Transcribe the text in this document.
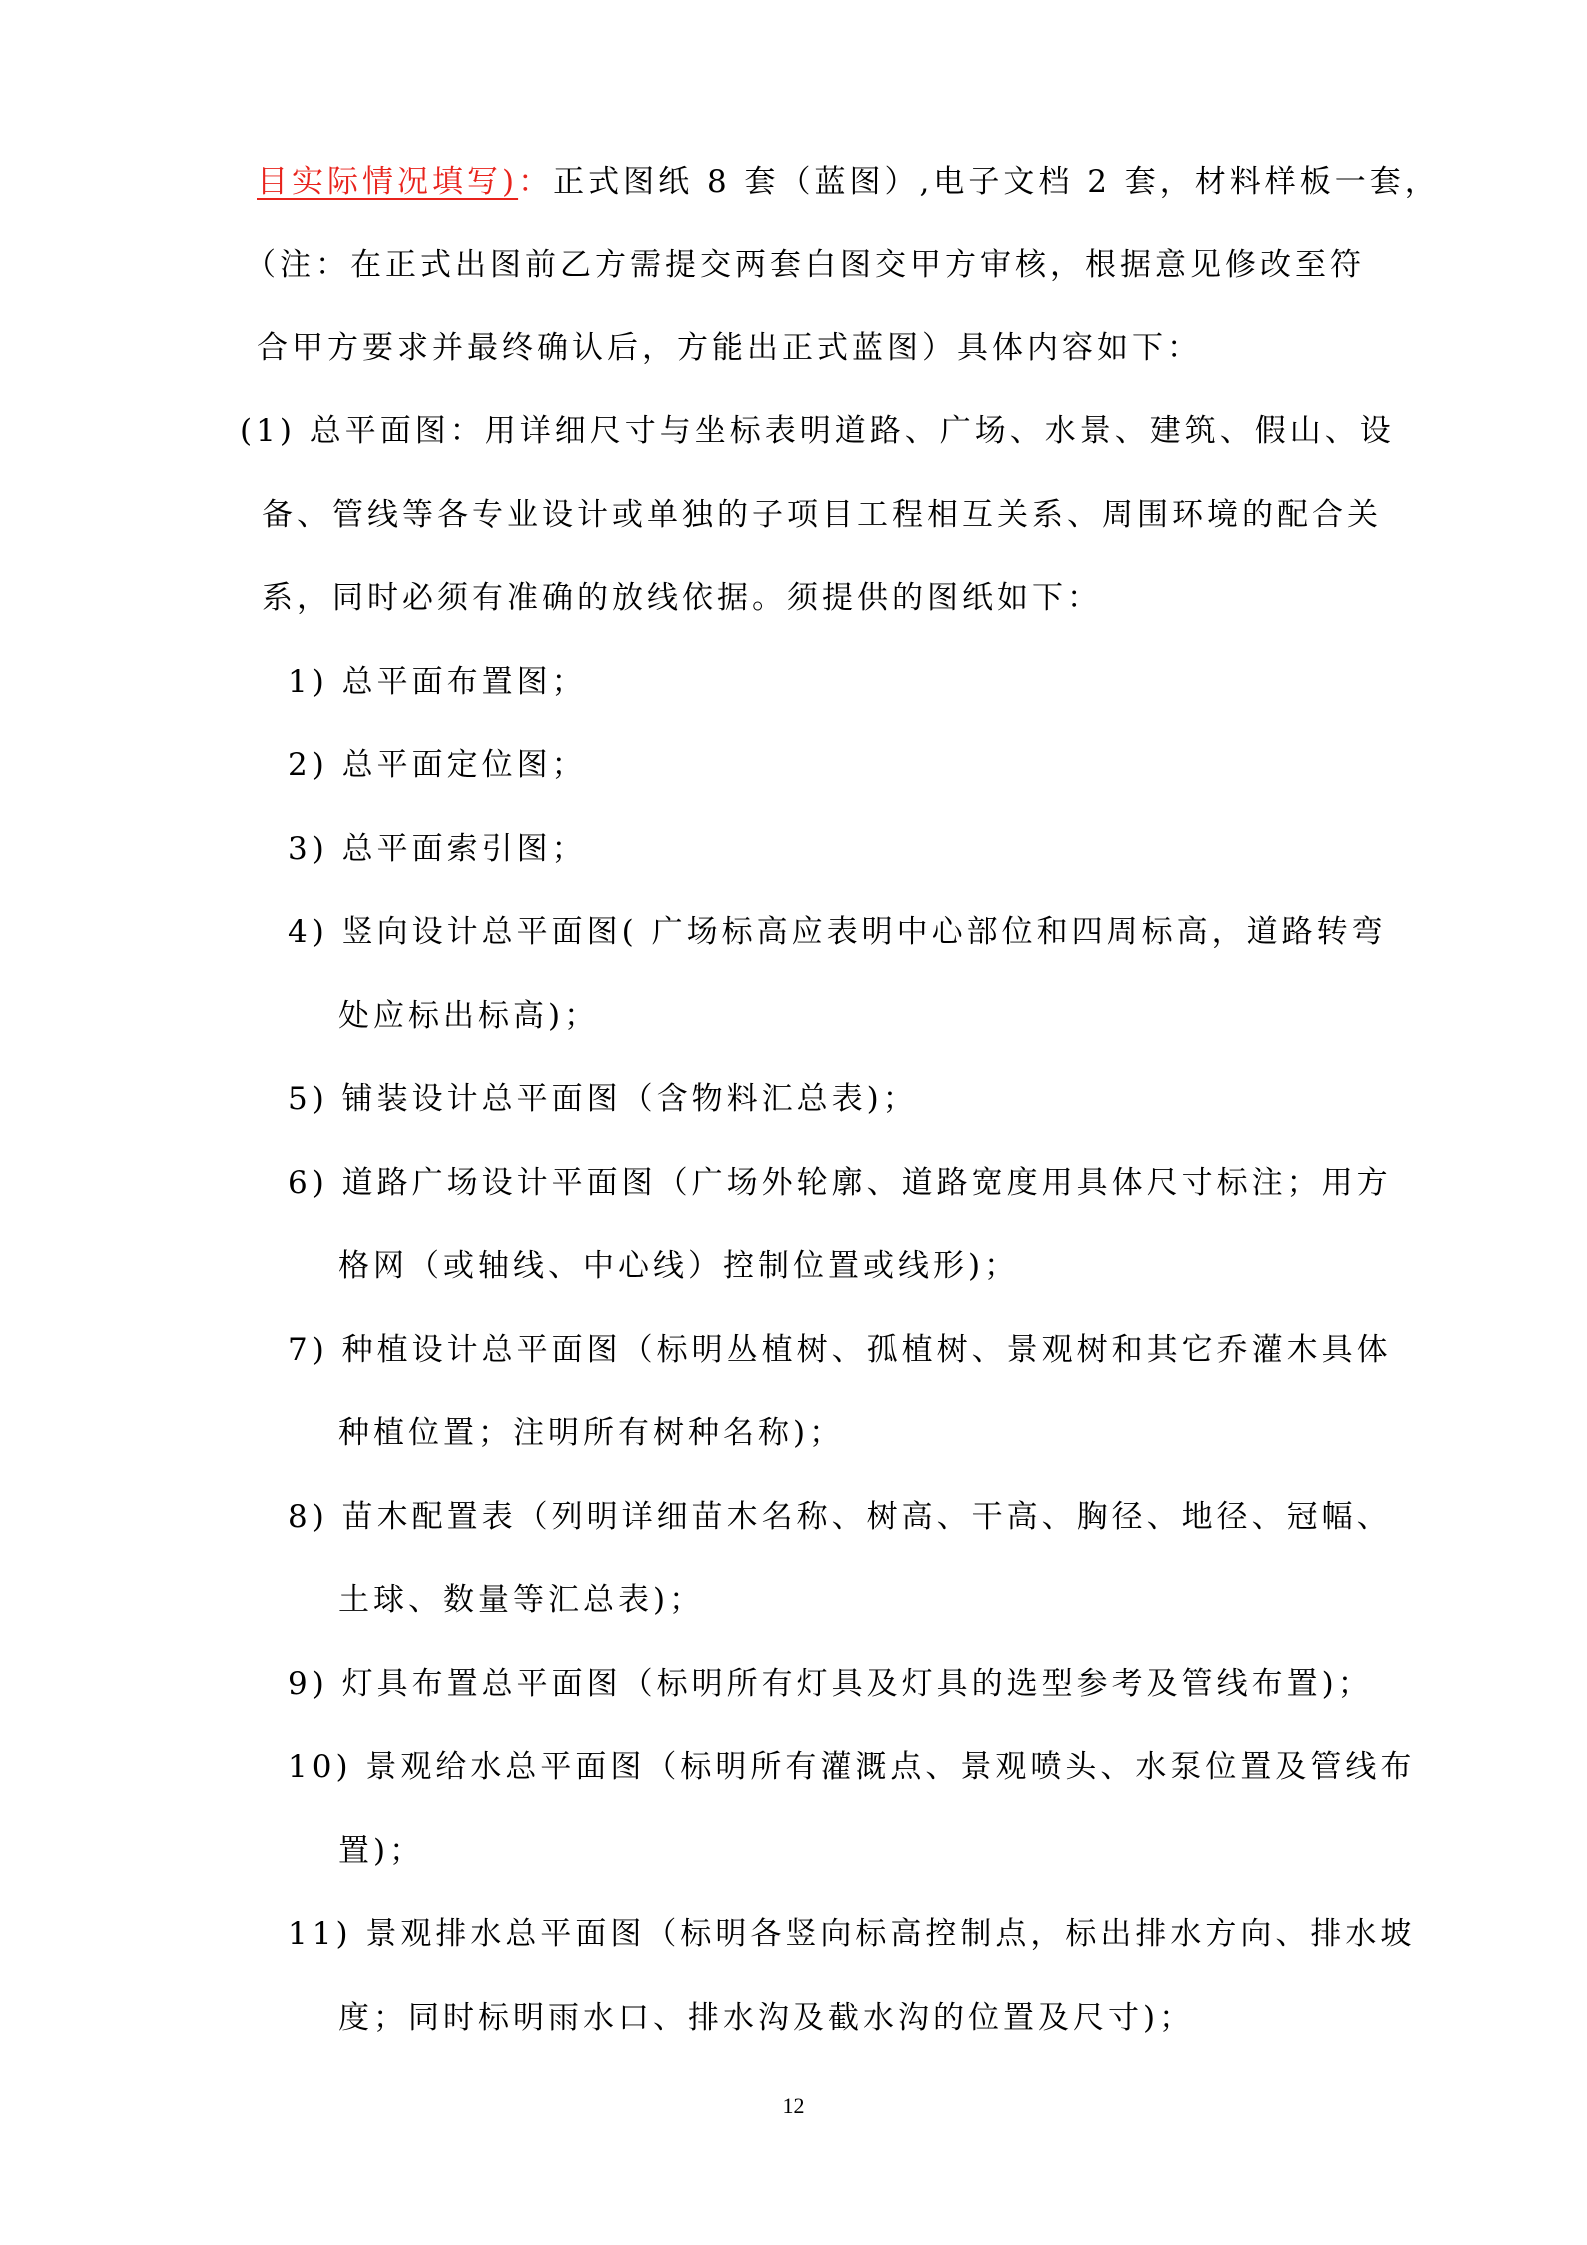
目实际情况填写)：正式图纸 8 套（蓝图）,电子文档 2 套，材料样板一套，
（注：在正式出图前乙方需提交两套白图交甲方审核，根据意见修改至符
合甲方要求并最终确认后，方能出正式蓝图）具体内容如下：
(1) 总平面图：用详细尺寸与坐标表明道路、广场、水景、建筑、假山、设
备、管线等各专业设计或单独的子项目工程相互关系、周围环境的配合关
系，同时必须有准确的放线依据。须提供的图纸如下：
1) 总平面布置图；
2) 总平面定位图；
3) 总平面索引图；
4) 竖向设计总平面图( 广场标高应表明中心部位和四周标高，道路转弯
处应标出标高)；
5) 铺装设计总平面图（含物料汇总表)；
6) 道路广场设计平面图（广场外轮廓、道路宽度用具体尺寸标注；用方
格网（或轴线、中心线）控制位置或线形)；
7) 种植设计总平面图（标明丛植树、孤植树、景观树和其它乔灌木具体
种植位置；注明所有树种名称)；
8) 苗木配置表（列明详细苗木名称、树高、干高、胸径、地径、冠幅、
土球、数量等汇总表)；
9) 灯具布置总平面图（标明所有灯具及灯具的选型参考及管线布置)；
10) 景观给水总平面图（标明所有灌溉点、景观喷头、水泵位置及管线布
置)；
11) 景观排水总平面图（标明各竖向标高控制点，标出排水方向、排水坡
度；同时标明雨水口、排水沟及截水沟的位置及尺寸)；
12
